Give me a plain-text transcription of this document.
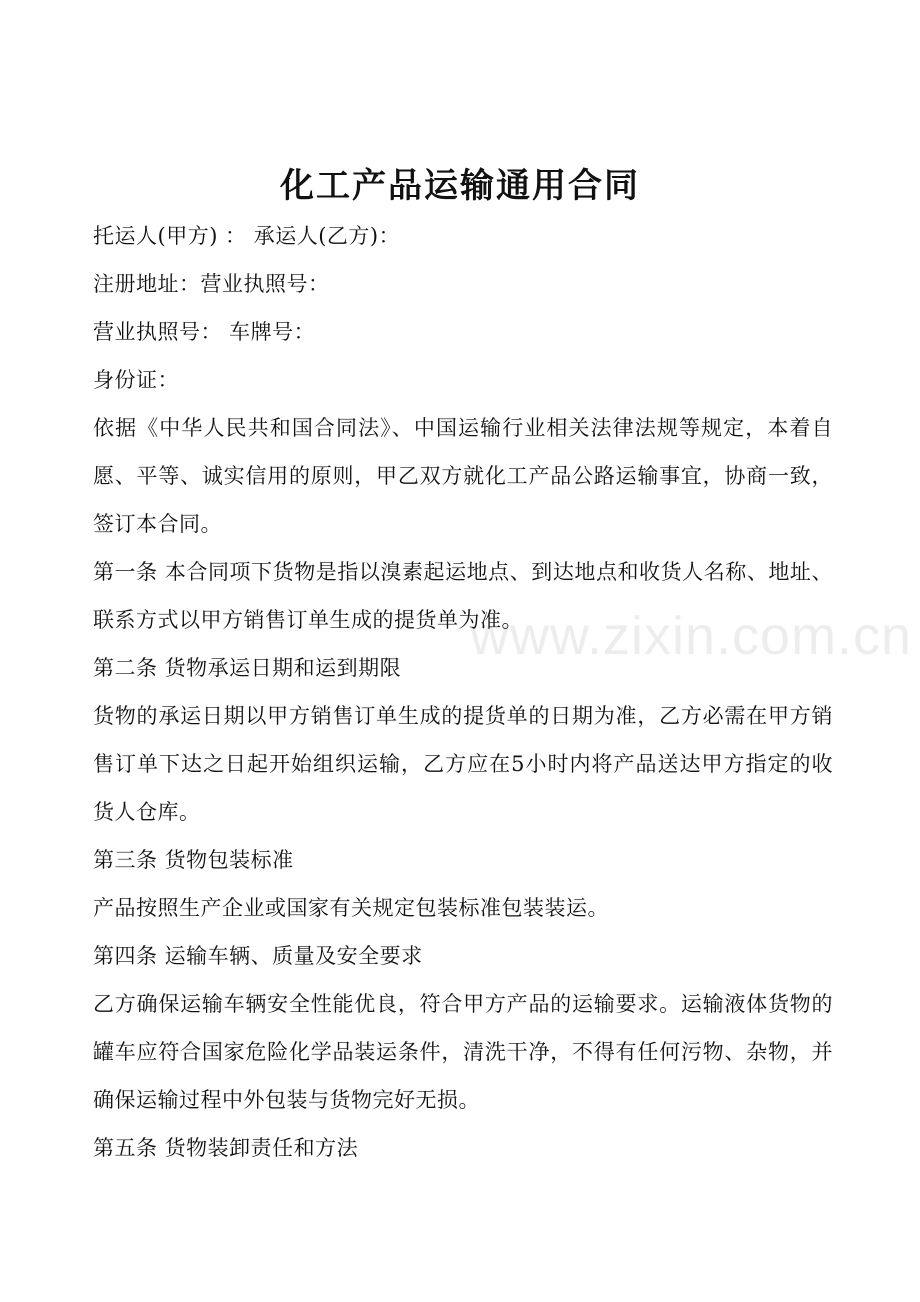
化工产品运输通用合同

托运人(甲方) ： 承运人(乙方)：

注册地址：营业执照号：

营业执照号： 车牌号：

身份证：

依据《中华人民共和国合同法》、中国运输行业相关法律法规等规定，本着自愿、平等、诚实信用的原则，甲乙双方就化工产品公路运输事宜，协商一致，签订本合同。

第一条 本合同项下货物是指以溴素起运地点、到达地点和收货人名称、地址、联系方式以甲方销售订单生成的提货单为准。

第二条 货物承运日期和运到期限

货物的承运日期以甲方销售订单生成的提货单的日期为准，乙方必需在甲方销售订单下达之日起开始组织运输，乙方应在5小时内将产品送达甲方指定的收货人仓库。

第三条 货物包装标准

产品按照生产企业或国家有关规定包装标准包装装运。

第四条 运输车辆、质量及安全要求

乙方确保运输车辆安全性能优良，符合甲方产品的运输要求。运输液体货物的罐车应符合国家危险化学品装运条件，清洗干净，不得有任何污物、杂物，并确保运输过程中外包装与货物完好无损。

第五条 货物装卸责任和方法

www.zixin.com.cn
